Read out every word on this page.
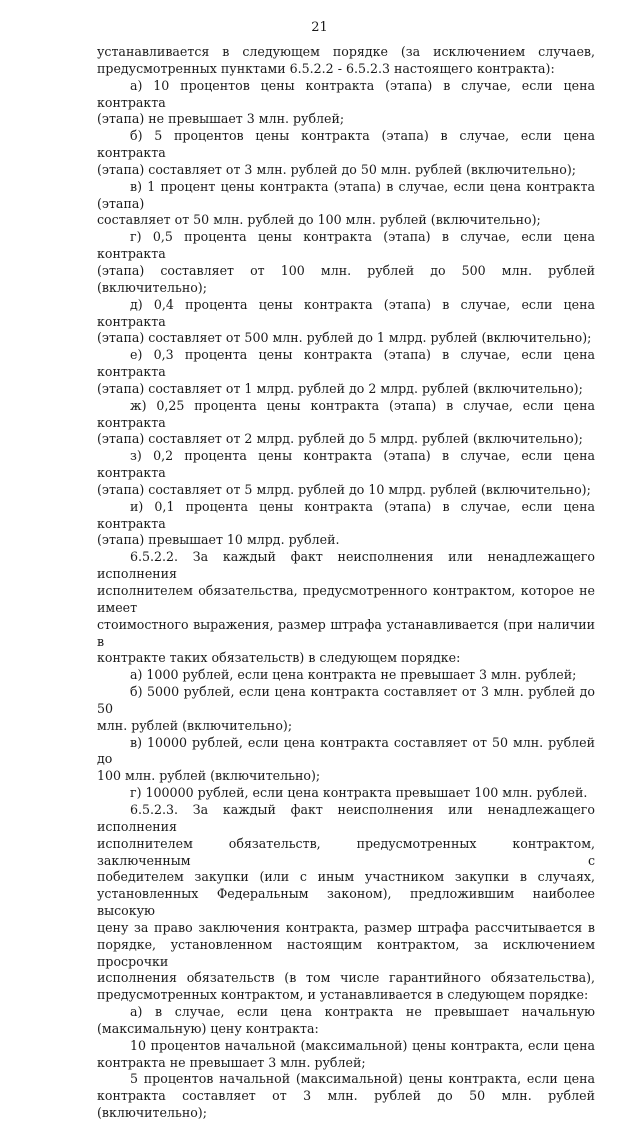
21

устанавливается в следующем порядке (за исключением случаев,

предусмотренных пунктами 6.5.2.2 - 6.5.2.3 настоящего контракта):

а) 10 процентов цены контракта (этапа) в случае, если цена контракта

(этапа) не превышает 3 млн. рублей;

б) 5 процентов цены контракта (этапа) в случае, если цена контракта

(этапа) составляет от 3 млн. рублей до 50 млн. рублей (включительно);

в) 1 процент цены контракта (этапа) в случае, если цена контракта (этапа)

составляет от 50 млн. рублей до 100 млн. рублей (включительно);

г) 0,5 процента цены контракта (этапа) в случае, если цена контракта

(этапа) составляет от 100 млн. рублей до 500 млн. рублей (включительно);

д) 0,4 процента цены контракта (этапа) в случае, если цена контракта

(этапа) составляет от 500 млн. рублей до 1 млрд. рублей (включительно);

е) 0,3 процента цены контракта (этапа) в случае, если цена контракта

(этапа) составляет от 1 млрд. рублей до 2 млрд. рублей (включительно);

ж) 0,25 процента цены контракта (этапа) в случае, если цена контракта

(этапа) составляет от 2 млрд. рублей до 5 млрд. рублей (включительно);

з) 0,2 процента цены контракта (этапа) в случае, если цена контракта

(этапа) составляет от 5 млрд. рублей до 10 млрд. рублей (включительно);

и) 0,1 процента цены контракта (этапа) в случае, если цена контракта

(этапа) превышает 10 млрд. рублей.

6.5.2.2. За каждый факт неисполнения или ненадлежащего исполнения

исполнителем обязательства, предусмотренного контрактом, которое не имеет

стоимостного выражения, размер штрафа устанавливается (при наличии в

контракте таких обязательств) в следующем порядке:

а) 1000 рублей, если цена контракта не превышает 3 млн. рублей;

б) 5000 рублей, если цена контракта составляет от 3 млн. рублей до 50

млн. рублей (включительно);

в) 10000 рублей, если цена контракта составляет от 50 млн. рублей до

100 млн. рублей (включительно);

г) 100000 рублей, если цена контракта превышает 100 млн. рублей.

6.5.2.3. За каждый факт неисполнения или ненадлежащего исполнения

исполнителем обязательств, предусмотренных контрактом, заключенным с

победителем закупки (или с иным участником закупки в случаях,

установленных Федеральным законом), предложившим наиболее высокую

цену за право заключения контракта, размер штрафа рассчитывается в

порядке, установленном настоящим контрактом, за исключением просрочки

исполнения обязательств (в том числе гарантийного обязательства),

предусмотренных контрактом, и устанавливается в следующем порядке:

а) в случае, если цена контракта не превышает начальную

(максимальную) цену контракта:

10 процентов начальной (максимальной) цены контракта, если цена

контракта не превышает 3 млн. рублей;

5 процентов начальной (максимальной) цены контракта, если цена

контракта составляет от 3 млн. рублей до 50 млн. рублей (включительно);
